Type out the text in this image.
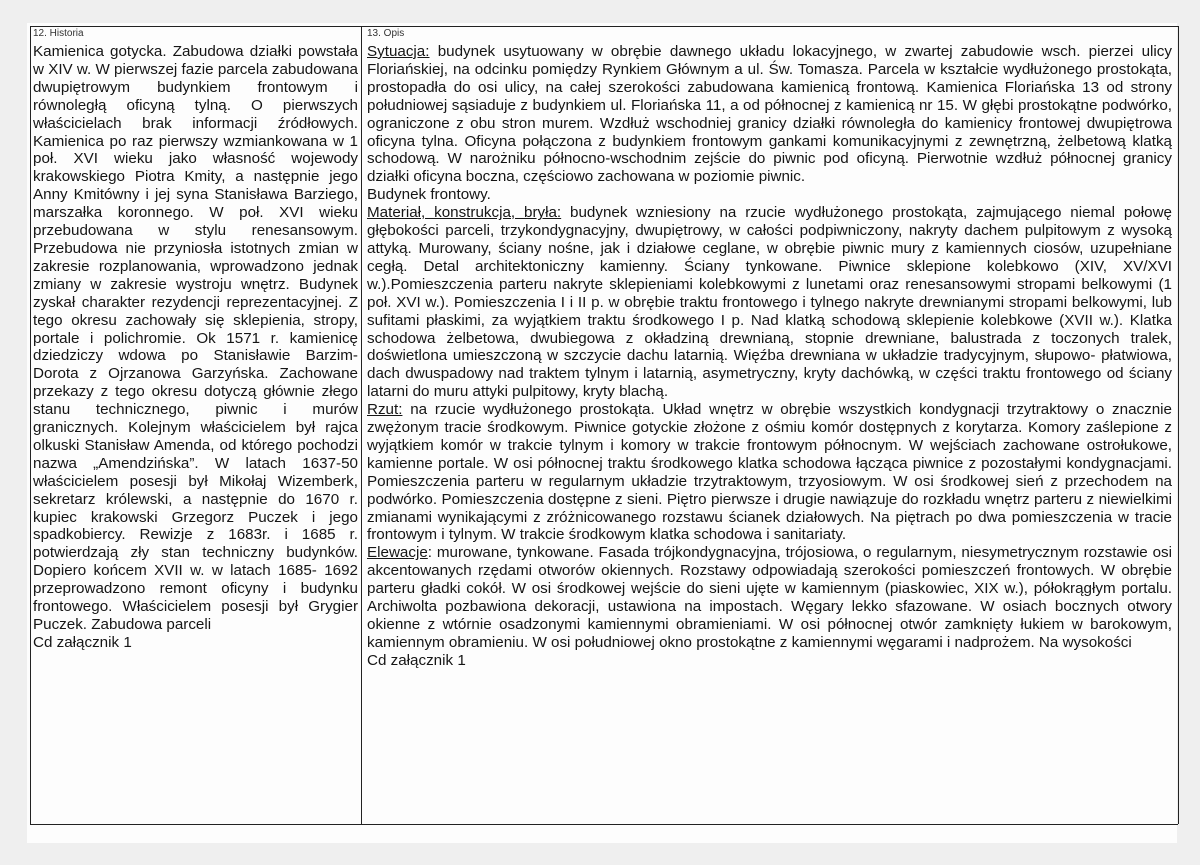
12. Historia	13. Opis

Kamienica gotycka. Zabudowa działki powstała w XIV w. W pierwszej fazie parcela zabudowana dwupiętrowym budynkiem frontowym i równoległą oficyną tylną. O pierwszych właścicielach brak informacji źródłowych. Kamienica po raz pierwszy wzmiankowana w 1 poł. XVI wieku jako własność wojewody krakowskiego Piotra Kmity, a następnie jego Anny Kmitówny i jej syna Stanisława Barziego, marszałka koronnego. W poł. XVI wieku przebudowana w stylu renesansowym. Przebudowa nie przyniosła istotnych zmian w zakresie rozplanowania, wprowadzono jednak zmiany w zakresie wystroju wnętrz. Budynek zyskał charakter rezydencji reprezentacyjnej. Z tego okresu zachowały się sklepienia, stropy, portale i polichromie. Ok 1571 r. kamienicę dziedziczy wdowa po Stanisławie Barzim-Dorota z Ojrzanowa Garzyńska. Zachowane przekazy z tego okresu dotyczą głównie złego stanu technicznego, piwnic i murów granicznych. Kolejnym właścicielem był rajca olkuski Stanisław Amenda, od którego pochodzi nazwa „Amendzińska”. W latach 1637-50 właścicielem posesji był Mikołaj Wizemberk, sekretarz królewski, a następnie do 1670 r. kupiec krakowski Grzegorz Puczek i jego spadkobiercy. Rewizje z 1683r. i 1685 r. potwierdzają zły stan techniczny budynków. Dopiero końcem XVII w. w latach 1685- 1692 przeprowadzono remont oficyny i budynku frontowego. Właścicielem posesji był Grygier Puczek. Zabudowa parceli

Cd załącznik 1

Sytuacja: budynek usytuowany w obrębie dawnego układu lokacyjnego, w zwartej zabudowie wsch. pierzei ulicy Floriańskiej, na odcinku pomiędzy Rynkiem Głównym a ul. Św. Tomasza. Parcela w kształcie wydłużonego prostokąta, prostopadła do osi ulicy, na całej szerokości zabudowana kamienicą frontową. Kamienica Floriańska 13 od strony południowej sąsiaduje z budynkiem ul. Floriańska 11, a od północnej z kamienicą nr 15. W głębi prostokątne podwórko, ograniczone z obu stron murem. Wzdłuż wschodniej granicy działki równoległa do kamienicy frontowej dwupiętrowa oficyna tylna. Oficyna połączona z budynkiem frontowym gankami komunikacyjnymi z zewnętrzną, żelbetową klatką schodową. W narożniku północno-wschodnim zejście do piwnic pod oficyną. Pierwotnie wzdłuż północnej granicy działki oficyna boczna, częściowo zachowana w poziomie piwnic.

Budynek frontowy.

Materiał, konstrukcja, bryła: budynek wzniesiony na rzucie wydłużonego prostokąta, zajmującego niemal połowę głębokości parceli, trzykondygnacyjny, dwupiętrowy, w całości podpiwniczony, nakryty dachem pulpitowym z wysoką attyką. Murowany, ściany nośne, jak i działowe ceglane, w obrębie piwnic mury z kamiennych ciosów, uzupełniane cegłą. Detal architektoniczny kamienny. Ściany tynkowane. Piwnice sklepione kolebkowo (XIV, XV/XVI w.).Pomieszczenia parteru nakryte sklepieniami kolebkowymi z lunetami oraz renesansowymi stropami belkowymi (1 poł. XVI w.). Pomieszczenia I i II p. w obrębie traktu frontowego i tylnego nakryte drewnianymi stropami belkowymi, lub sufitami płaskimi, za wyjątkiem traktu środkowego I p. Nad klatką schodową sklepienie kolebkowe (XVII w.). Klatka schodowa żelbetowa, dwubiegowa z okładziną drewnianą, stopnie drewniane, balustrada z toczonych tralek, doświetlona umieszczoną w szczycie dachu latarnią. Więźba drewniana w układzie tradycyjnym, słupowo- płatwiowa, dach dwuspadowy nad traktem tylnym i latarnią, asymetryczny, kryty dachówką, w części traktu frontowego od ściany latarni do muru attyki pulpitowy, kryty blachą.

Rzut: na rzucie wydłużonego prostokąta. Układ wnętrz w obrębie wszystkich kondygnacji trzytraktowy o znacznie zwężonym tracie środkowym. Piwnice gotyckie złożone z ośmiu komór dostępnych z korytarza. Komory zaślepione z wyjątkiem komór w trakcie tylnym i komory w trakcie frontowym północnym. W wejściach zachowane ostrołukowe, kamienne portale. W osi północnej traktu środkowego klatka schodowa łącząca piwnice z pozostałymi kondygnacjami. Pomieszczenia parteru w regularnym układzie trzytraktowym, trzyosiowym. W osi środkowej sień z przechodem na podwórko. Pomieszczenia dostępne z sieni. Piętro pierwsze i drugie nawiązuje do rozkładu wnętrz parteru z niewielkimi zmianami wynikającymi z zróżnicowanego rozstawu ścianek działowych. Na piętrach po dwa pomieszczenia w tracie frontowym i tylnym. W trakcie środkowym klatka schodowa i sanitariaty.

Elewacje: murowane, tynkowane. Fasada trójkondygnacyjna, trójosiowa, o regularnym, niesymetrycznym rozstawie osi akcentowanych rzędami otworów okiennych. Rozstawy odpowiadają szerokości pomieszczeń frontowych. W obrębie parteru gładki cokół. W osi środkowej wejście do sieni ujęte w kamiennym (piaskowiec, XIX w.), półokrągłym portalu. Archiwolta pozbawiona dekoracji, ustawiona na impostach. Węgary lekko sfazowane. W osiach bocznych otwory okienne z wtórnie osadzonymi kamiennymi obramieniami. W osi północnej otwór zamknięty łukiem w barokowym, kamiennym obramieniu. W osi południowej okno prostokątne z kamiennymi węgarami i nadprożem. Na wysokości

Cd załącznik 1
